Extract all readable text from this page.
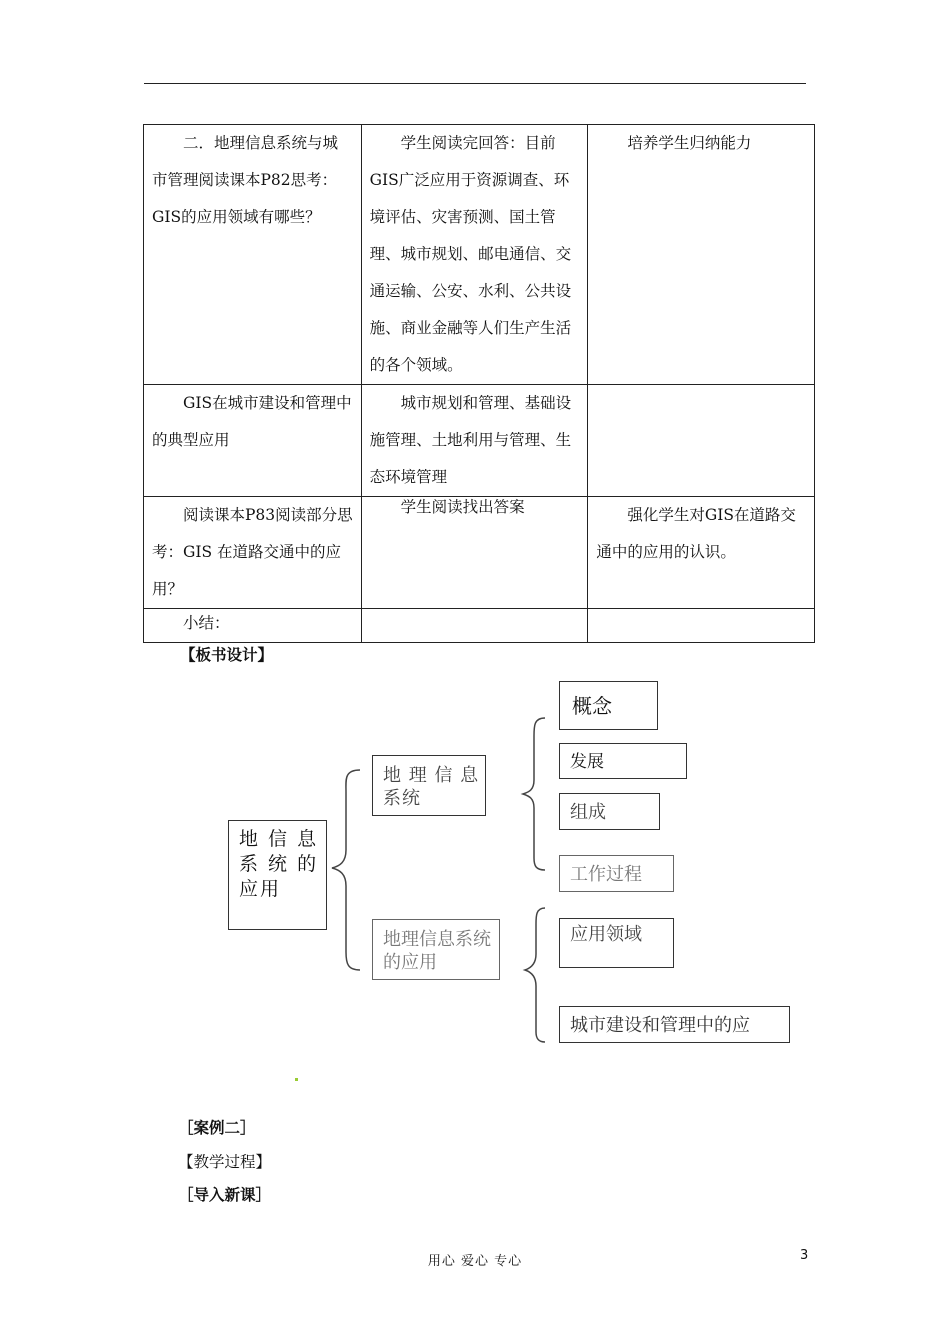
二．地理信息系统与城市管理阅读课本P82思考：GIS的应用领域有哪些？	学生阅读完回答：目前GIS广泛应用于资源调查、环境评估、灾害预测、国土管理、城市规划、邮电通信、交通运输、公安、水利、公共设施、商业金融等人们生产生活的各个领域。	培养学生归纳能力

GIS在城市建设和管理中的典型应用	城市规划和管理、基础设施管理、土地利用与管理、生态环境管理	

阅读课本P83阅读部分思考：GIS 在道路交通中的应用？	学生阅读找出答案	强化学生对GIS在道路交通中的应用的认识。

小结：		

【板书设计】
地 信 息 系 统 的 应用
地 理 信 息 系统
地理信息系统的应用
概念
发展
组成
工作过程
应用领域
城市建设和管理中的应
［案例二］
【教学过程】
［导入新课］
用心 爱心 专心	3
